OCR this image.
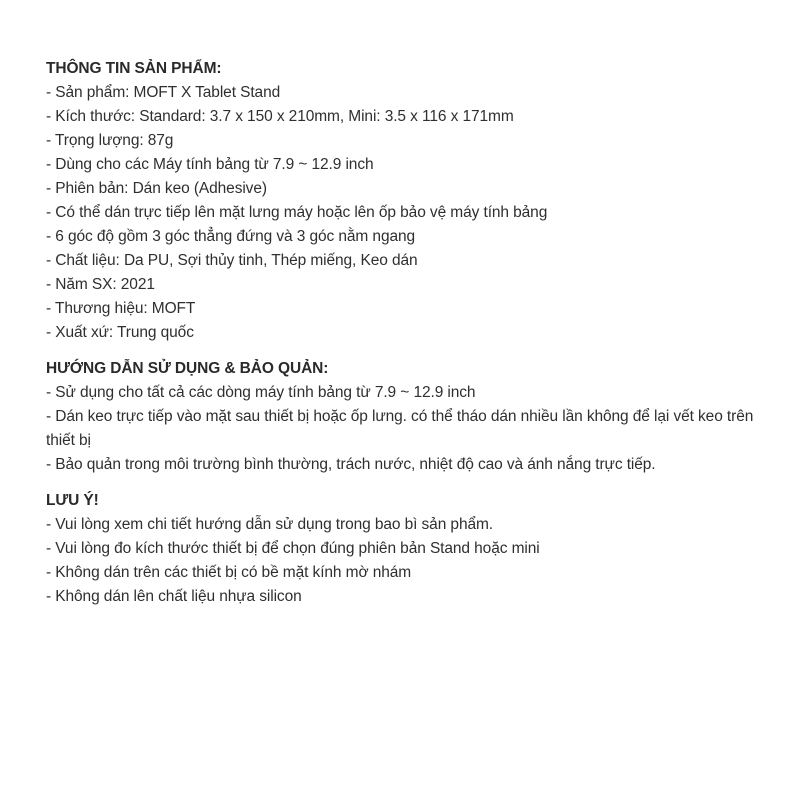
THÔNG TIN SẢN PHẨM:
- Sản phẩm: MOFT X Tablet Stand
- Kích thước: Standard: 3.7 x 150 x 210mm, Mini: 3.5 x 116 x 171mm
- Trọng lượng: 87g
- Dùng cho các Máy tính bảng từ 7.9 ~ 12.9 inch
- Phiên bản: Dán keo (Adhesive)
- Có thể dán trực tiếp lên mặt lưng máy hoặc lên ốp bảo vệ máy tính bảng
- 6 góc độ gồm 3 góc thẳng đứng và 3 góc nằm ngang
- Chất liệu: Da PU, Sợi thủy tinh, Thép miếng, Keo dán
- Năm SX: 2021
- Thương hiệu: MOFT
- Xuất xứ: Trung quốc
HƯỚNG DẪN SỬ DỤNG & BẢO QUẢN:
- Sử dụng cho tất cả các dòng máy tính bảng từ 7.9 ~ 12.9 inch
- Dán keo trực tiếp vào mặt sau thiết bị hoặc ốp lưng. có thể tháo dán nhiều lần không để lại vết keo trên thiết bị
- Bảo quản trong môi trường bình thường, trách nước, nhiệt độ cao và ánh nắng trực tiếp.
LƯU Ý!
- Vui lòng xem chi tiết hướng dẫn sử dụng trong bao bì sản phẩm.
- Vui lòng đo kích thước thiết bị để chọn đúng phiên bản Stand hoặc mini
- Không dán trên các thiết bị có bề mặt kính mờ nhám
- Không dán lên chất liệu nhựa silicon
